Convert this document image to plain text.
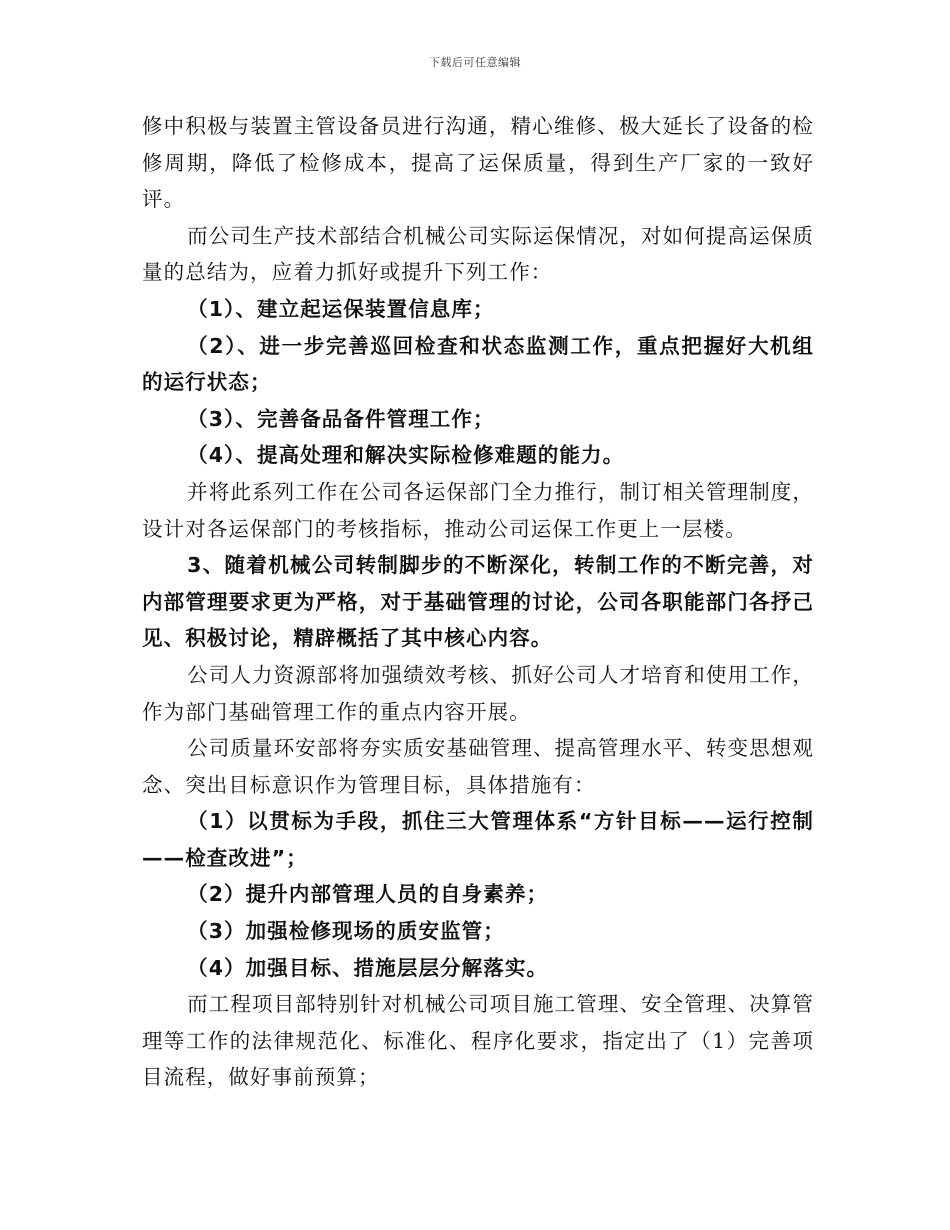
下载后可任意编辑

修中积极与装置主管设备员进行沟通，精心维修、极大延长了设备的检修周期，降低了检修成本，提高了运保质量，得到生产厂家的一致好评。

而公司生产技术部结合机械公司实际运保情况，对如何提高运保质量的总结为，应着力抓好或提升下列工作：

（1）、建立起运保装置信息库；

（2）、进一步完善巡回检查和状态监测工作，重点把握好大机组的运行状态；

（3）、完善备品备件管理工作；

（4）、提高处理和解决实际检修难题的能力。

并将此系列工作在公司各运保部门全力推行，制订相关管理制度，设计对各运保部门的考核指标，推动公司运保工作更上一层楼。

3、随着机械公司转制脚步的不断深化，转制工作的不断完善，对内部管理要求更为严格，对于基础管理的讨论，公司各职能部门各抒己见、积极讨论，精辟概括了其中核心内容。

公司人力资源部将加强绩效考核、抓好公司人才培育和使用工作，作为部门基础管理工作的重点内容开展。

公司质量环安部将夯实质安基础管理、提高管理水平、转变思想观念、突出目标意识作为管理目标，具体措施有：

（1）以贯标为手段，抓住三大管理体系“方针目标——运行控制——检查改进”；

（2）提升内部管理人员的自身素养；

（3）加强检修现场的质安监管；

（4）加强目标、措施层层分解落实。

而工程项目部特别针对机械公司项目施工管理、安全管理、决算管理等工作的法律规范化、标准化、程序化要求，指定出了（1）完善项目流程，做好事前预算；
